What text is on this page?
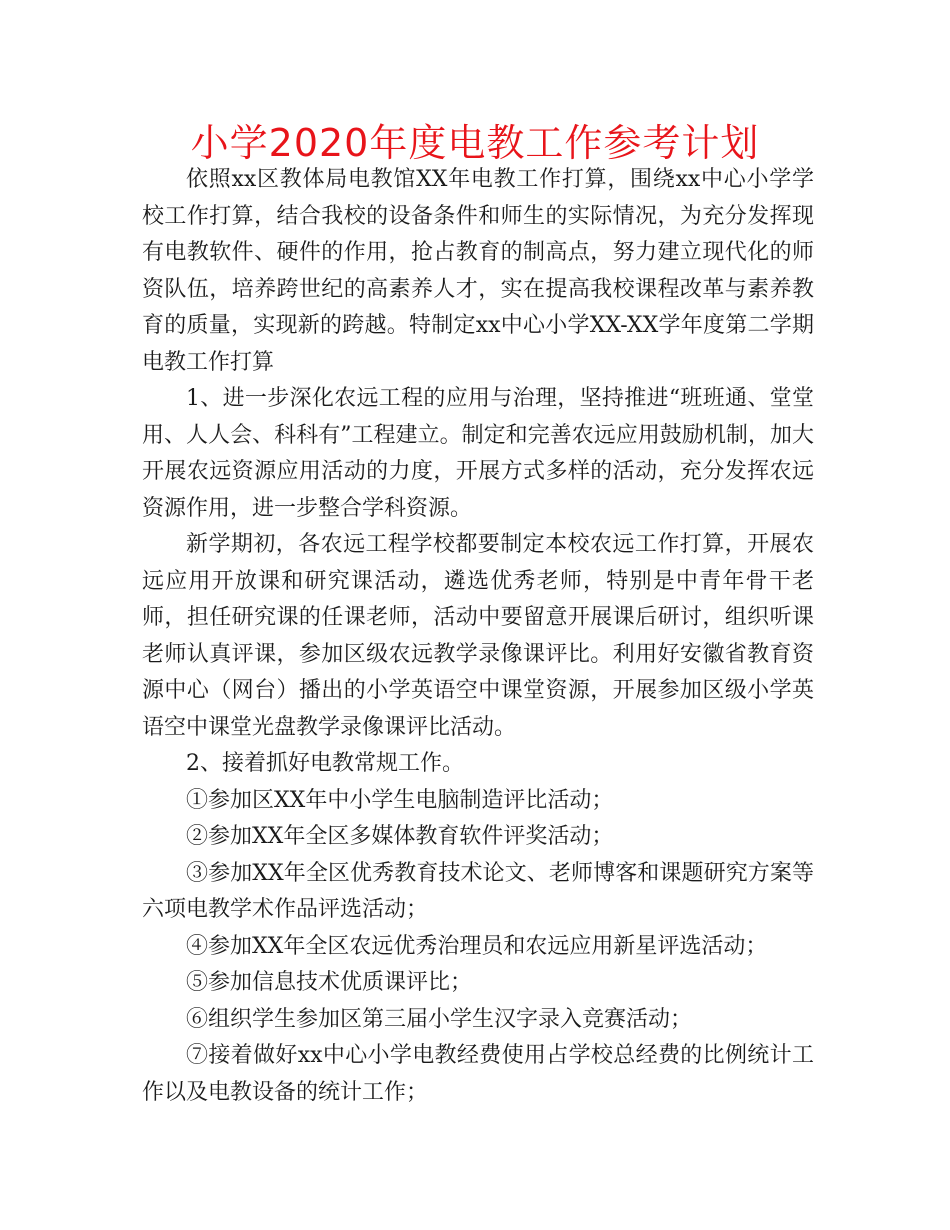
小学2020年度电教工作参考计划

依照xx区教体局电教馆XX年电教工作打算，围绕xx中心小学学校工作打算，结合我校的设备条件和师生的实际情况，为充分发挥现有电教软件、硬件的作用，抢占教育的制高点，努力建立现代化的师资队伍，培养跨世纪的高素养人才，实在提高我校课程改革与素养教育的质量，实现新的跨越。特制定xx中心小学XX-XX学年度第二学期电教工作打算

1、进一步深化农远工程的应用与治理，坚持推进“班班通、堂堂用、人人会、科科有”工程建立。制定和完善农远应用鼓励机制，加大开展农远资源应用活动的力度，开展方式多样的活动，充分发挥农远资源作用，进一步整合学科资源。

新学期初，各农远工程学校都要制定本校农远工作打算，开展农远应用开放课和研究课活动，遴选优秀老师，特别是中青年骨干老师，担任研究课的任课老师，活动中要留意开展课后研讨，组织听课老师认真评课，参加区级农远教学录像课评比。利用好安徽省教育资源中心（网台）播出的小学英语空中课堂资源，开展参加区级小学英语空中课堂光盘教学录像课评比活动。

2、接着抓好电教常规工作。

①参加区XX年中小学生电脑制造评比活动；

②参加XX年全区多媒体教育软件评奖活动；

③参加XX年全区优秀教育技术论文、老师博客和课题研究方案等六项电教学术作品评选活动；

④参加XX年全区农远优秀治理员和农远应用新星评选活动；

⑤参加信息技术优质课评比；

⑥组织学生参加区第三届小学生汉字录入竞赛活动；

⑦接着做好xx中心小学电教经费使用占学校总经费的比例统计工作以及电教设备的统计工作；
